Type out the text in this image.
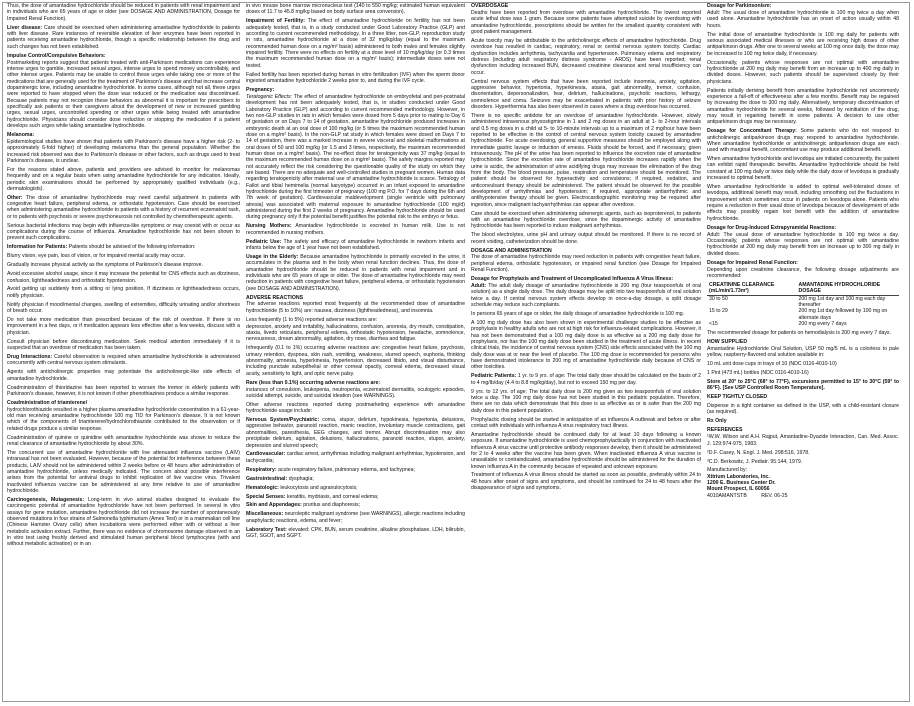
Thus, the dose of amantadine hydrochloride should be reduced in patients with renal impairment and in individuals who are 65 years of age or older (see DOSAGE AND ADMINISTRATION, Dosage for Impaired Renal Function).

Liver disease: Care should be exercised when administering amantadine hydrochloride to patients with liver disease. Rare instances of reversible elevation of liver enzymes have been reported in patients receiving amantadine hydrochloride, though a specific relationship between the drug and such changes has not been established.

Impulse Control/Compulsive Behaviors:

Postmarketing reports suggest that patients treated with anti-Parkinson medications can experience intense urges to gamble, increased sexual urges, intense urges to spend money uncontrollably, and other intense urges. Patients may be unable to control these urges while taking one or more of the medications that are generally used for the treatment of Parkinson's disease and that increase central dopaminergic tone, including amantadine hydrochloride. In some cases, although not all, these urges were reported to have stopped when the dose was reduced or the medication was discontinued. Because patients may not recognize these behaviors as abnormal it is important for prescribers to specifically ask patients or their caregivers about the development of new or increased gambling urges, sexual urges, uncontrolled spending or other urges while being treated with amantadine hydrochloride. Physicians should consider dose reduction or stopping the medication if a patient develops such urges while taking amantadine hydrochloride.

Melanoma:

Epidemiological studies have shown that patients with Parkinson's disease have a higher risk (2- to approximately 6-fold higher) of developing melanoma than the general population. Whether the increased risk observed was due to Parkinson's disease or other factors, such as drugs used to treat Parkinson's disease, is unclear.

For the reasons stated above, patients and providers are advised to monitor for melanomas frequently and on a regular basis when using amantadine hydrochloride for any indication. Ideally, periodic skin examinations should be performed by appropriately qualified individuals (e.g., dermatologists).

Other: The dose of amantadine hydrochloride may need careful adjustment in patients with congestive heart failure, peripheral edema, or orthostatic hypotension. Care should be exercised when administering amantadine hydrochloride to patients with a history of recurrent eczematoid rash, or to patients with psychosis or severe psychoneurosis not controlled by chemotherapeutic agents.

Serious bacterial infections may begin with influenza-like symptoms or may coexist with or occur as complications during the course of influenza. Amantadine hydrochloride has not been shown to prevent such complications.

Information for Patients: Patients should be advised of the following information:

Blurry vision, eye pain, loss of vision, or for impaired mental acuity may occur.

Gradually increase physical activity as the symptoms of Parkinson's disease improve.

Avoid excessive alcohol usage, since it may increase the potential for CNS effects such as dizziness, confusion, lightheadedness and orthostatic hypotension.

Avoid getting up suddenly from a sitting or lying position. If dizziness or lightheadedness occurs, notify physician.

Notify physician if mood/mental changes, swelling of extremities, difficulty urinating and/or shortness of breath occur.

Do not take more medication than prescribed because of the risk of overdose. If there is no improvement in a few days, or if medication appears less effective after a few weeks, discuss with a physician.

Consult physician before discontinuing medication. Seek medical attention immediately if it is suspected that an overdose of medication has been taken.

Drug Interactions: Careful observation is required when amantadine hydrochloride is administered concurrently with central nervous system stimulants.

Agents with anticholinergic properties may potentiate the anticholinergic-like side effects of amantadine hydrochloride.

Coadministration of thioridazine has been reported to worsen the tremor in elderly patients with Parkinson's disease, however, it is not known if other phenothiazines produce a similar response.

Coadministration of triamterene/

hydrochlorothiazide resulted in a higher plasma amantadine hydrochloride concentration in a 61-year-old man receiving amantadine hydrochloride 100 mg TID for Parkinson's disease. It is not known which of the components of triamterene/hydrochlorothiazide contributed to the observation or if related drugs produce a similar response.

Coadministration of quinine or quinidine with amantadine hydrochloride was shown to reduce the renal clearance of amantadine hydrochloride by about 30%.

The concurrent use of amantadine hydrochloride with live attenuated influenza vaccine (LAIV) intranasal has not been evaluated. However, because of the potential for interference between these products, LAIV should not be administered within 2 weeks before or 48 hours after administration of amantadine hydrochloride, unless medically indicated. The concern about possible interference arises from the potential for antiviral drugs to inhibit replication of live vaccine virus. Trivalent inactivated influenza vaccine can be administered at any time relative to use of amantadine hydrochloride.

Carcinogenesis, Mutagenesis: Long-term in vivo animal studies designed to evaluate the carcinogenic potential of amantadine hydrochloride have not been performed. In several in vitro assays for gene mutation, amantadine hydrochloride did not increase the number of spontaneously observed mutations in four strains of Salmonella typhimurium (Ames Test) or in a mammalian cell line (Chinese Hamster Ovary cells) when incubations were performed either with or without a liver metabolic activation extract. Further, there was no evidence of chromosome damage observed in an in vitro test using freshly derived and stimulated human peripheral blood lymphocytes (with and without metabolic activation) or in an

in vivo mouse bone marrow micronucleus test (140 to 550 mg/kg; estimated human equivalent doses of 11.7 to 45.8 mg/kg based on body surface area conversion).

Impairment of Fertility: The effect of amantadine hydrochloride on fertility has not been adequately tested, that is, in a study conducted under Good Laboratory Practice (GLP) and according to current recommended methodology. In a three litter, non-GLP, reproduction study in rats, amantadine hydrochloride at a dose of 32 mg/kg/day (equal to the maximum recommended human dose on a mg/m² basis) administered to both males and females slightly impaired fertility. There were no effects on fertility at a dose level of 10 mg/kg/day (or 0.3 times the maximum recommended human dose on a mg/m² basis); intermediate doses were not tested.

Failed fertility has been reported during human in vitro fertilization (IVF) when the sperm donor ingested amantadine hydrochloride 2 weeks prior to, and during the IVF cycle.

Pregnancy:

Teratogenic Effects: The effect of amantadine hydrochloride on embryofetal and peri-postnatal development has not been adequately tested, that is, in studies conducted under Good Laboratory Practice (GLP) and according to current recommended methodology. However, in two non-GLP studies in rats in which females were dosed from 5 days prior to mating to Day 6 of gestation or on Days 7 to 14 of gestation, amantadine hydrochloride produced increases in embryonic death at an oral dose of 100 mg/kg (or 5 times the maximum recommended human dose on a mg/m² basis). In the non-GLP rat study in which females were dosed on Days 7 to 14 of gestation, there was a marked increase in severe visceral and skeletal malformations at oral doses of 50 and 100 mg/kg (or 1.5 and 3 times, respectively, the maximum recommended human dose on a mg/m² basis). The no-effect dose for teratogenicity was 37 mg/kg (equal to the maximum recommended human dose on a mg/m² basis). The safety margins reported may not accurately reflect the risk considering the questionable quality of the study on which they are based. There are no adequate and well-controlled studies in pregnant women. Human data regarding teratogenicity after maternal use of amantadine hydrochloride is scarce. Tetralogy of Fallot and tibial hemimelia (normal karyotype) occurred in an infant exposed to amantadine hydrochloride during the first trimester of pregnancy (100 mg P.O. for 7 days during the 6th and 7th week of gestation). Cardiovascular maldevelopment (single ventricle with pulmonary atresia) was associated with maternal exposure to amantadine hydrochloride (100 mg/d) administered during the first 2 weeks of pregnancy. Amantadine hydrochloride should be used during pregnancy only if the potential benefit justifies the potential risk to the embryo or fetus.

Nursing Mothers: Amantadine hydrochloride is excreted in human milk. Use is not recommended in nursing mothers.

Pediatric Use: The safety and efficacy of amantadine hydrochloride in newborn infants and infants below the age of 1 year have not been established.

Usage in the Elderly: Because amantadine hydrochloride is primarily excreted in the urine, it accumulates in the plasma and in the body when renal function declines. Thus, the dose of amantadine hydrochloride should be reduced in patients with renal impairment and in individuals who are 65 years of age or older. The dose of amantadine hydrochloride may need reduction in patients with congestive heart failure, peripheral edema, or orthostatic hypotension (see DOSAGE AND ADMINISTRATION).

ADVERSE REACTIONS

The adverse reactions reported most frequently at the recommended dose of amantadine hydrochloride (5 to 10%) are: nausea, dizziness (lightheadedness), and insomnia.

Less frequently (1 to 5%) reported adverse reactions are:

depression, anxiety and irritability, hallucinations, confusion, anorexia, dry mouth, constipation, ataxia, livedo reticularis, peripheral edema, orthostatic hypotension, headache, somnolence, nervousness, dream abnormality, agitation, dry nose, diarrhea and fatigue.

Infrequently (0.1 to 1%) occurring adverse reactions are: congestive heart failure, psychosis, urinary retention, dyspnea, skin rash, vomiting, weakness, slurred speech, euphoria, thinking abnormality, amnesia, hyperkinesia, hypertension, decreased libido, and visual disturbance, including punctate subepithelial or other corneal opacity, corneal edema, decreased visual acuity, sensitivity to light, and optic nerve palsy.

Rare (less than 0.1%) occurring adverse reactions are:

instances of convulsion, leukopenia, neutropenia, eczematoid dermatitis, oculogyric episodes, suicidal attempt, suicide, and suicidal ideation (see WARNINGS).

Other adverse reactions reported during postmarketing experience with amantadine hydrochloride usage include:

Nervous System/Psychiatric: coma, stupor, delirium, hypokinesia, hypertonia, delusions, aggressive behavior, paranoid reaction, manic reaction, involuntary muscle contractions, gait abnormalities, paresthesia, EEG changes, and tremor. Abrupt discontinuation may also precipitate delirium, agitation, delusions, hallucinations, paranoid reaction, stupor, anxiety, depression and slurred speech;

Cardiovascular: cardiac arrest, arrhythmias including malignant arrhythmias, hypotension, and tachycardia;

Respiratory: acute respiratory failure, pulmonary edema, and tachypnea;

Gastrointestinal: dysphagia;

Hematologic: leukocytosis and agranulocytosis;

Special Senses: keratitis, mydriasis, and corneal edema;

Skin and Appendages: pruritus and diaphoresis;

Miscellaneous: neuroleptic malignant syndrome (see WARNINGS), allergic reactions including anaphylactic reactions, edema, and fever;

Laboratory Test: elevated: CPK, BUN, serum creatinine, alkaline phosphatase, LDH, bilirubin, GGT, SGOT, and SGPT.

OVERDOSAGE

Deaths have been reported from overdose with amantadine hydrochloride. The lowest reported acute lethal dose was 1 gram. Because some patients have attempted suicide by overdosing with amantadine hydrochloride, prescriptions should be written for the smallest quantity consistent with good patient management.

Acute toxicity may be attributable to the anticholinergic effects of amantadine hydrochloride. Drug overdose has resulted in cardiac, respiratory, renal or central nervous system toxicity. Cardiac dysfunction includes arrhythmia, tachycardia and hypertension. Pulmonary edema and respiratory distress (including adult respiratory distress syndrome - ARDS) have been reported; renal dysfunction including increased BUN, decreased creatinine clearance and renal insufficiency can occur.

Central nervous system effects that have been reported include insomnia, anxiety, agitation, aggressive behavior, hypertonia, hyperkinesia, ataxia, gait abnormality, tremor, confusion, disorientation, depersonalization, fear, delirium, hallucinations, psychotic reactions, lethargy, somnolence and coma. Seizures may be exacerbated in patients with prior history of seizure disorders. Hyperthermia has also been observed in cases where a drug overdose has occurred.

There is no specific antidote for an overdose of amantadine hydrochloride. However, slowly administered intravenous physostigmine in 1 and 2 mg doses in an adult at 1- to 2-hour intervals and 0.5 mg doses in a child at 5- to 10-minute intervals up to a maximum of 2 mg/hour have been reported to be effective in the control of central nervous system toxicity caused by amantadine hydrochloride. For acute overdosing, general supportive measures should be employed along with immediate gastric lavage or induction of emesis. Fluids should be forced, and if necessary, given intravenously. The pH of the urine has been reported to influence the excretion rate of amantadine hydrochloride. Since the excretion rate of amantadine hydrochloride increases rapidly when the urine is acidic, the administration of urine acidifying drugs may increase the elimination of the drug from the body. The blood pressure, pulse, respiration and temperature should be monitored. The patient should be observed for hyperactivity and convulsions; if required, sedation, and anticonvulsant therapy should be administered. The patient should be observed for the possible development of arrhythmias and hypotension; if required, appropriate antiarrhythmic and antihypotensive therapy should be given. Electrocardiographic monitoring may be required after ingestion, since malignant tachyarrhythmias can appear after overdose.

Care should be exercised when administering adrenergic agents, such as isoproterenol, to patients with an amantadine hydrochloride overdose, since the dopaminergic activity of amantadine hydrochloride has been reported to induce malignant arrhythmias.

The blood electrolytes, urine pH and urinary output should be monitored. If there is no record of recent voiding, catheterization should be done.

DOSAGE AND ADMINISTRATION

The dose of amantadine hydrochloride may need reduction in patients with congestive heart failure, peripheral edema, orthostatic hypotension, or impaired renal function (see Dosage for Impaired Renal Function).

Dosage for Prophylaxis and Treatment of Uncomplicated Influenza A Virus Illness:

Adult: The adult daily dosage of amantadine hydrochloride is 200 mg (four teaspoonfuls of oral solution) as a single daily dose. The daily dosage may be split into two teaspoonfuls of oral solution twice a day. If central nervous system effects develop in once-a-day dosage, a split dosage schedule may reduce such complaints.

In persons 65 years of age or older, the daily dosage of amantadine hydrochloride is 100 mg.

A 100 mg daily dose has also been shown in experimental challenge studies to be effective as prophylaxis in healthy adults who are not at high risk for influenza-related complications. However, it has not been demonstrated that a 100 mg daily dose is as effective as a 200 mg daily dose for prophylaxis, nor has the 100 mg daily dose been studied in the treatment of acute illness. In recent clinical trials, the incidence of central nervous system (CNS) side effects associated with the 100 mg daily dose was at or near the level of placebo. The 100 mg dose is recommended for persons who have demonstrated intolerance to 200 mg of amantadine hydrochloride daily because of CNS or other toxicities.

Pediatric Patients: 1 yr. to 9 yrs. of age: The total daily dose should be calculated on the basis of 2 to 4 mg/lb/day (4.4 to 8.8 mg/kg/day), but not to exceed 150 mg per day.

9 yrs. to 12 yrs. of age: The total daily dose is 200 mg given as two teaspoonfuls of oral solution twice a day. The 100 mg daily dose has not been studied in this pediatric population. Therefore, there are no data which demonstrate that this dose is as effective as or is safer than the 200 mg daily dose in this patient population.

Prophylactic dosing should be started in anticipation of an influenza A outbreak and before or after contact with individuals with influenza A virus respiratory tract illness.

Amantadine hydrochloride should be continued daily for at least 10 days following a known exposure. If amantadine hydrochloride is used chemoprophylactically in conjunction with inactivated influenza A virus vaccine until protective antibody responses develop, then it should be administered for 2 to 4 weeks after the vaccine has been given. When inactivated influenza A virus vaccine is unavailable or contraindicated, amantadine hydrochloride should be administered for the duration of known influenza A in the community because of repeated and unknown exposure.

Treatment of influenza A virus illness should be started as soon as possible, preferably within 24 to 48 hours after onset of signs and symptoms, and should be continued for 24 to 48 hours after the disappearance of signs and symptoms.

Dosage for Parkinsonism:

Adult: The usual dose of amantadine hydrochloride is 100 mg twice a day when used alone. Amantadine hydrochloride has an onset of action usually within 48 hours.

The initial dose of amantadine hydrochloride is 100 mg daily for patients with serious associated medical illnesses or who are receiving high doses of other antiparkinson drugs. After one to several weeks at 100 mg once daily, the dose may be increased to 100 mg twice daily, if necessary.

Occasionally, patients whose responses are not optimal with amantadine hydrochloride at 200 mg daily may benefit from an increase up to 400 mg daily in divided doses. However, such patients should be supervised closely by their physicians.

Patients initially deriving benefit from amantadine hydrochloride not uncommonly experience a fall-off of effectiveness after a few months. Benefit may be regained by increasing the dose to 300 mg daily. Alternatively, temporary discontinuation of amantadine hydrochloride for several weeks, followed by reinitiation of the drug, may result in regaining benefit in some patients. A decision to use other antiparkinson drugs may be necessary.

Dosage for Concomitant Therapy: Some patients who do not respond to anticholinergic antiparkinson drugs may respond to amantadine hydrochloride. When amantadine hydrochloride or anticholinergic antiparkinson drugs are each used with marginal benefit, concomitant use may produce additional benefit.

When amantadine hydrochloride and levodopa are initiated concurrently, the patient can exhibit rapid therapeutic benefits. Amantadine hydrochloride should be held constant at 100 mg daily or twice daily while the daily dose of levodopa is gradually increased to optimal benefit.

When amantadine hydrochloride is added to optimal well-tolerated doses of levodopa, additional benefit may result, including smoothing out the fluctuations in improvement which sometimes occur in patients on levodopa alone. Patients who require a reduction in their usual dose of levodopa because of development of side effects may possibly regain lost benefit with the addition of amantadine hydrochloride.

Dosage for Drug-Induced Extrapyramidal Reactions:

Adult: The usual dose of amantadine hydrochloride is 100 mg twice a day. Occasionally, patients whose responses are not optimal with amantadine hydrochloride at 200 mg daily may benefit from an increase up to 300 mg daily in divided doses.

Dosage for Impaired Renal Function:

Depending upon creatinine clearance, the following dosage adjustments are recommended:

CREATININE CLEARANCE (mL/min/1.73m²)	AMANTADINE HYDROCHLORIDE DOSAGE

30 to 50	200 mg 1st day and 100 mg each day thereafter
15 to 29	200 mg 1st day followed by 100 mg on alternate days
<15	200 mg every 7 days

The recommended dosage for patients on hemodialysis is 200 mg every 7 days.

HOW SUPPLIED

Amantadine Hydrochloride Oral Solution, USP 50 mg/5 mL is a colorless to pale yellow, raspberry-flavored oral solution available in:

10 mL unit dose cups in trays of 10 (NDC 0116-4010-10)

1 Pint (473 mL) bottles (NDC 0116-4010-16)

Store at 20° to 25°C (68° to 77°F), excursions permitted to 15° to 30°C (59° to 86°F). [See USP Controlled Room Temperature].

KEEP TIGHTLY CLOSED

Dispense in a tight container as defined in the USP, with a child-resistant closure (as required).

Rx Only

REFERENCES

¹W.W. Wilson and A.H. Rajput, Amantadine-Dyazide Interaction, Can. Med. Assoc. J. 129:974-975, 1983.

²D.F. Casey, N. Engl. J. Med. 298:516, 1978.

³C.D. Berkowitz, J. Pediatr. 95:144, 1979.

Manufactured by:

Xttrium Laboratories, Inc.

1200 E. Business Center Dr.

Mount Prospect, IL 60056

4010AMANTSTB	REV. 06-25
